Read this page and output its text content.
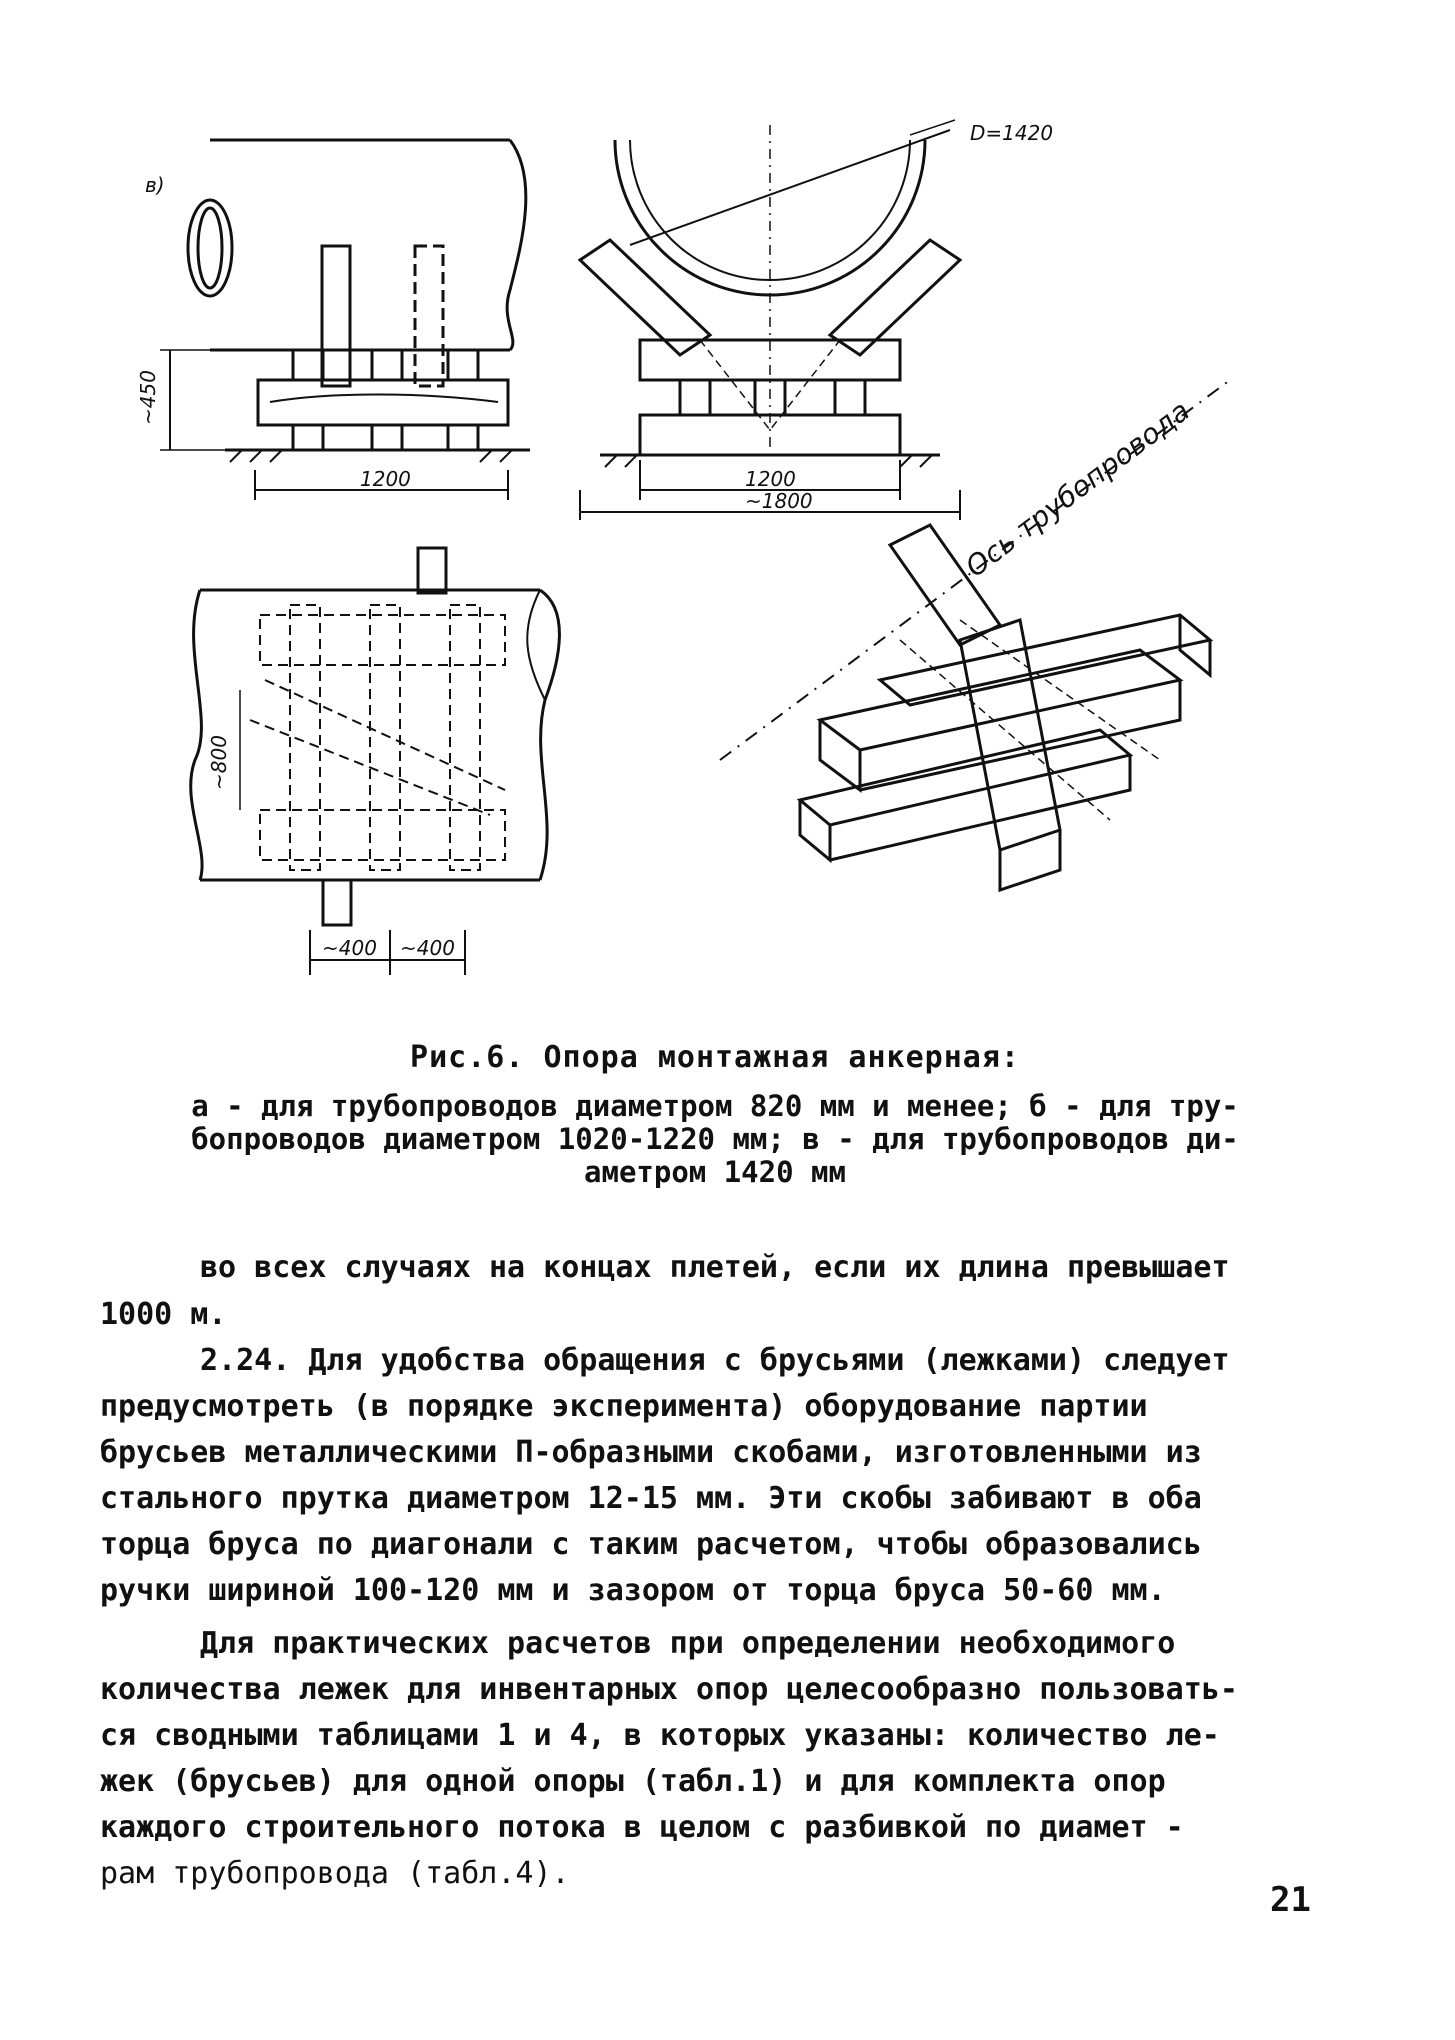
в)
~450
1200
D=1420
1200
~1800
~800
~400 ~400
Ось трубопровода
Рис.6. Опора монтажная анкерная:
а - для трубопроводов диаметром 820 мм и менее; б - для тру-
бопроводов диаметром 1020-1220 мм; в - для трубопроводов ди-
аметром 1420 мм
во всех случаях на концах плетей, если их длина превышает
1000 м.
2.24. Для удобства обращения с брусьями (лежками) следует
предусмотреть (в порядке эксперимента) оборудование партии
брусьев металлическими П-образными скобами, изготовленными из
стального прутка диаметром 12-15 мм. Эти скобы забивают в оба
торца бруса по диагонали с таким расчетом, чтобы образовались
ручки шириной 100-120 мм и зазором от торца бруса 50-60 мм.
Для практических расчетов при определении необходимого
количества лежек для инвентарных опор целесообразно пользовать-
ся сводными таблицами 1 и 4, в которых указаны: количество ле-
жек (брусьев) для одной опоры (табл.1) и для комплекта опор
каждого строительного потока в целом с разбивкой по диамет -
рам трубопровода (табл.4).
21
